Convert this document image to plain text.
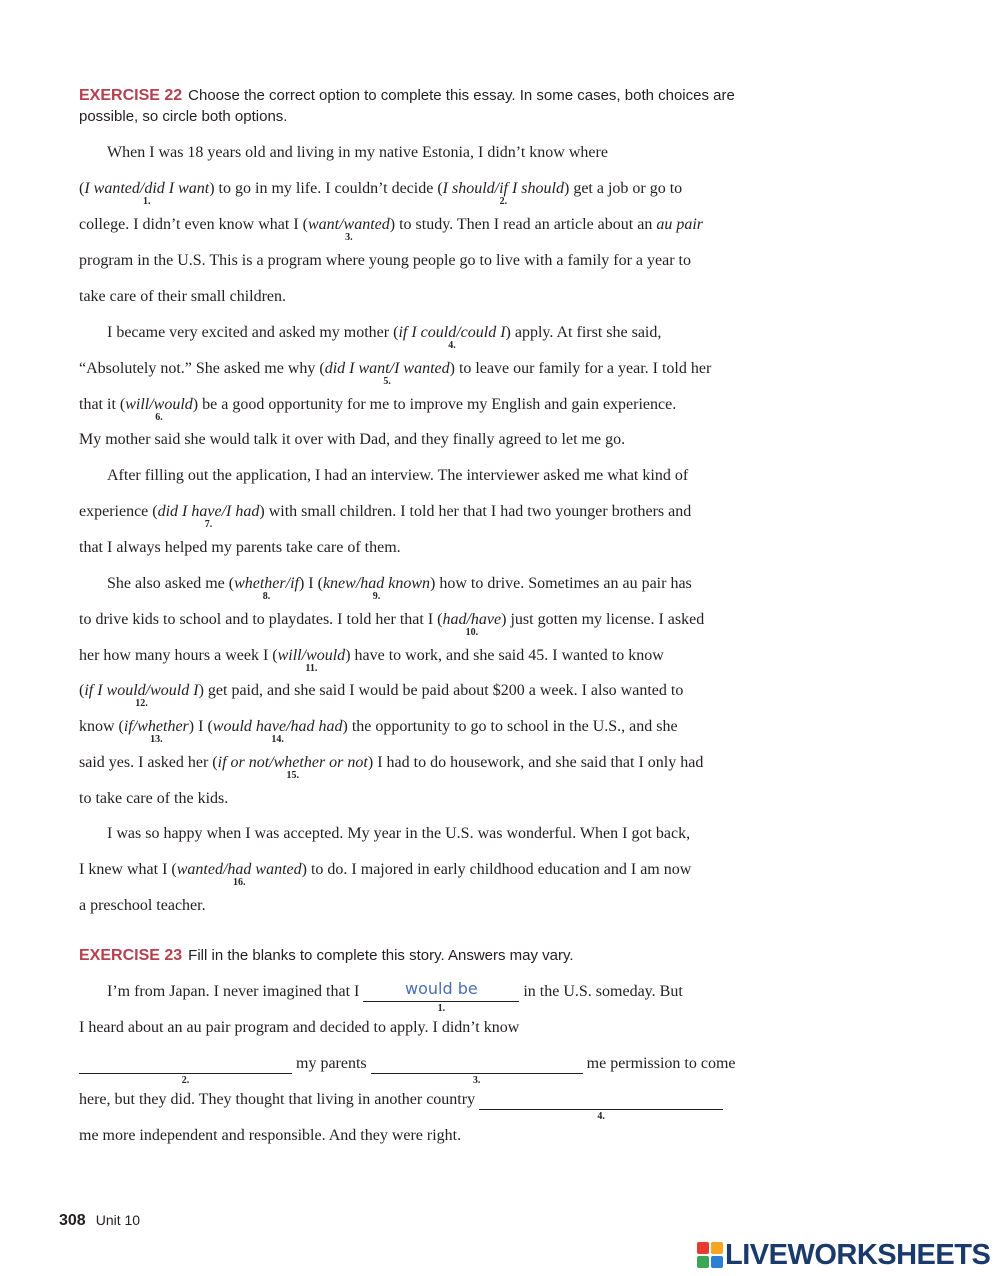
EXERCISE 22 Choose the correct option to complete this essay. In some cases, both choices are
possible, so circle both options.
When I was 18 years old and living in my native Estonia, I didn’t know where
(I wanted/did I want
1.
) to go in my life. I couldn’t decide (I should/if I should
2.
) get a job or go to
college. I didn’t even know what I (want/wanted
3.
) to study. Then I read an article about an au pair
program in the U.S. This is a program where young people go to live with a family for a year to
take care of their small children.
I became very excited and asked my mother (if I could/could I
4.
) apply. At first she said,
“Absolutely not.” She asked me why (did I want/I wanted
5.
) to leave our family for a year. I told her
that it (will/would
6.
) be a good opportunity for me to improve my English and gain experience.
My mother said she would talk it over with Dad, and they finally agreed to let me go.
After filling out the application, I had an interview. The interviewer asked me what kind of
experience (did I have/I had
7.
) with small children. I told her that I had two younger brothers and
that I always helped my parents take care of them.
She also asked me (whether/if
8.
) I (knew/had known
9.
) how to drive. Sometimes an au pair has
to drive kids to school and to playdates. I told her that I (had/have
10.
) just gotten my license. I asked
her how many hours a week I (will/would
11.
) have to work, and she said 45. I wanted to know
(if I would/would I
12.
) get paid, and she said I would be paid about $200 a week. I also wanted to
know (if/whether
13.
) I (would have/had had
14.
) the opportunity to go to school in the U.S., and she
said yes. I asked her (if or not/whether or not
15.
) I had to do housework, and she said that I only had
to take care of the kids.
I was so happy when I was accepted. My year in the U.S. was wonderful. When I got back,
I knew what I (wanted/had wanted
16.
) to do. I majored in early childhood education and I am now
a preschool teacher.
EXERCISE 23 Fill in the blanks to complete this story. Answers may vary.
I’m from Japan. I never imagined that I	would be
1.
in the U.S. someday. But
I heard about an au pair program and decided to apply. I didn’t know
2.
my parents
3.
me permission to come
here, but they did. They thought that living in another country
4.
me more independent and responsible. And they were right.
308 Unit 10
LIVEWORKSHEETS
